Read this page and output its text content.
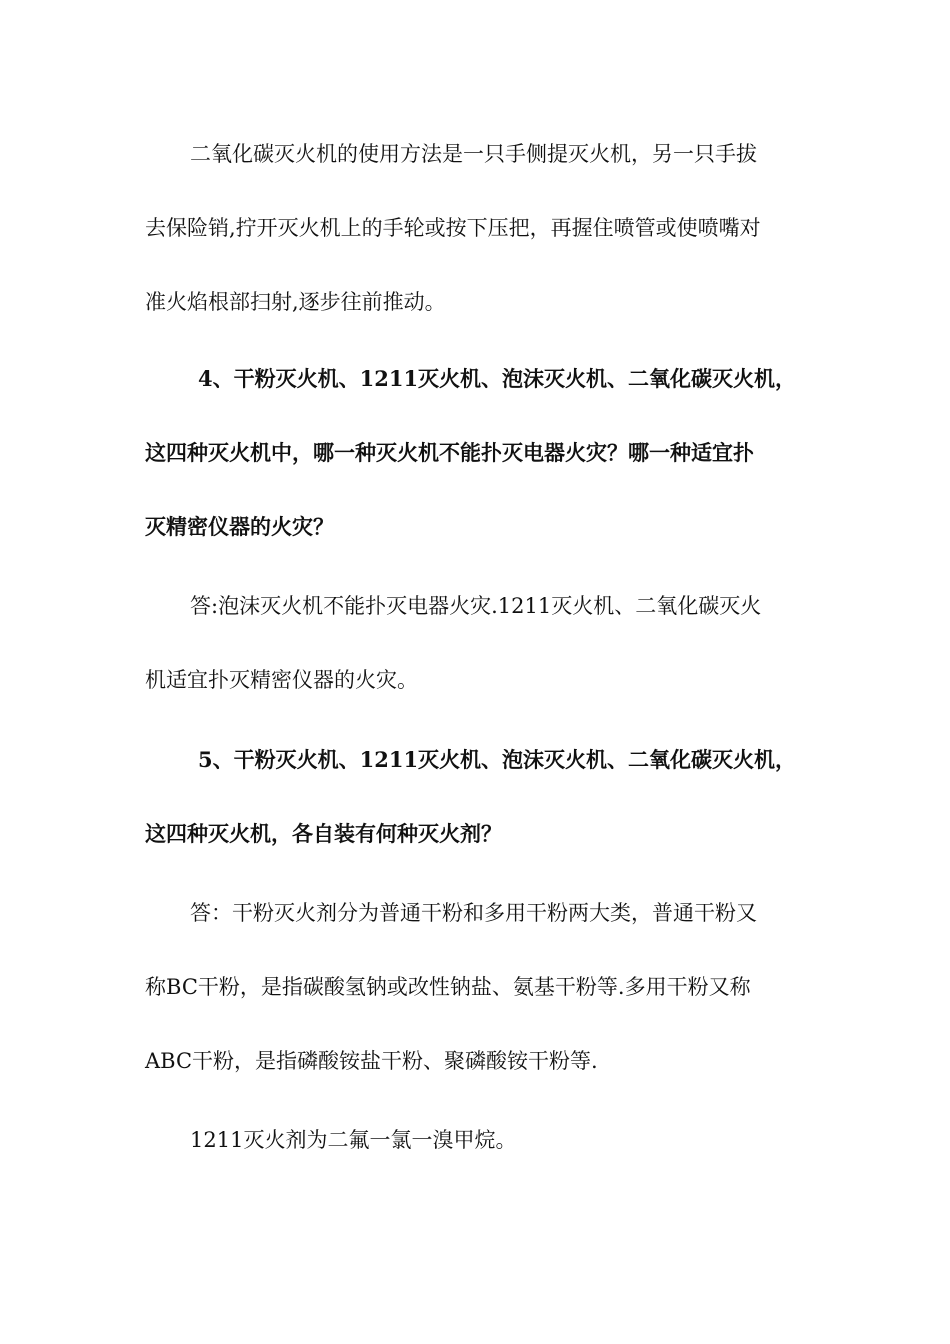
二氧化碳灭火机的使用方法是一只手侧提灭火机，另一只手拔
去保险销,拧开灭火机上的手轮或按下压把，再握住喷管或使喷嘴对
准火焰根部扫射,逐步往前推动。
4、干粉灭火机、1211灭火机、泡沫灭火机、二氧化碳灭火机，
这四种灭火机中，哪一种灭火机不能扑灭电器火灾？哪一种适宜扑
灭精密仪器的火灾？
答:泡沫灭火机不能扑灭电器火灾.1211灭火机、二氧化碳灭火
机适宜扑灭精密仪器的火灾。
5、干粉灭火机、1211灭火机、泡沫灭火机、二氧化碳灭火机，
这四种灭火机，各自装有何种灭火剂？
答：干粉灭火剂分为普通干粉和多用干粉两大类，普通干粉又
称BC干粉，是指碳酸氢钠或改性钠盐、氨基干粉等.多用干粉又称
ABC干粉，是指磷酸铵盐干粉、聚磷酸铵干粉等.
1211灭火剂为二氟一氯一溴甲烷。
